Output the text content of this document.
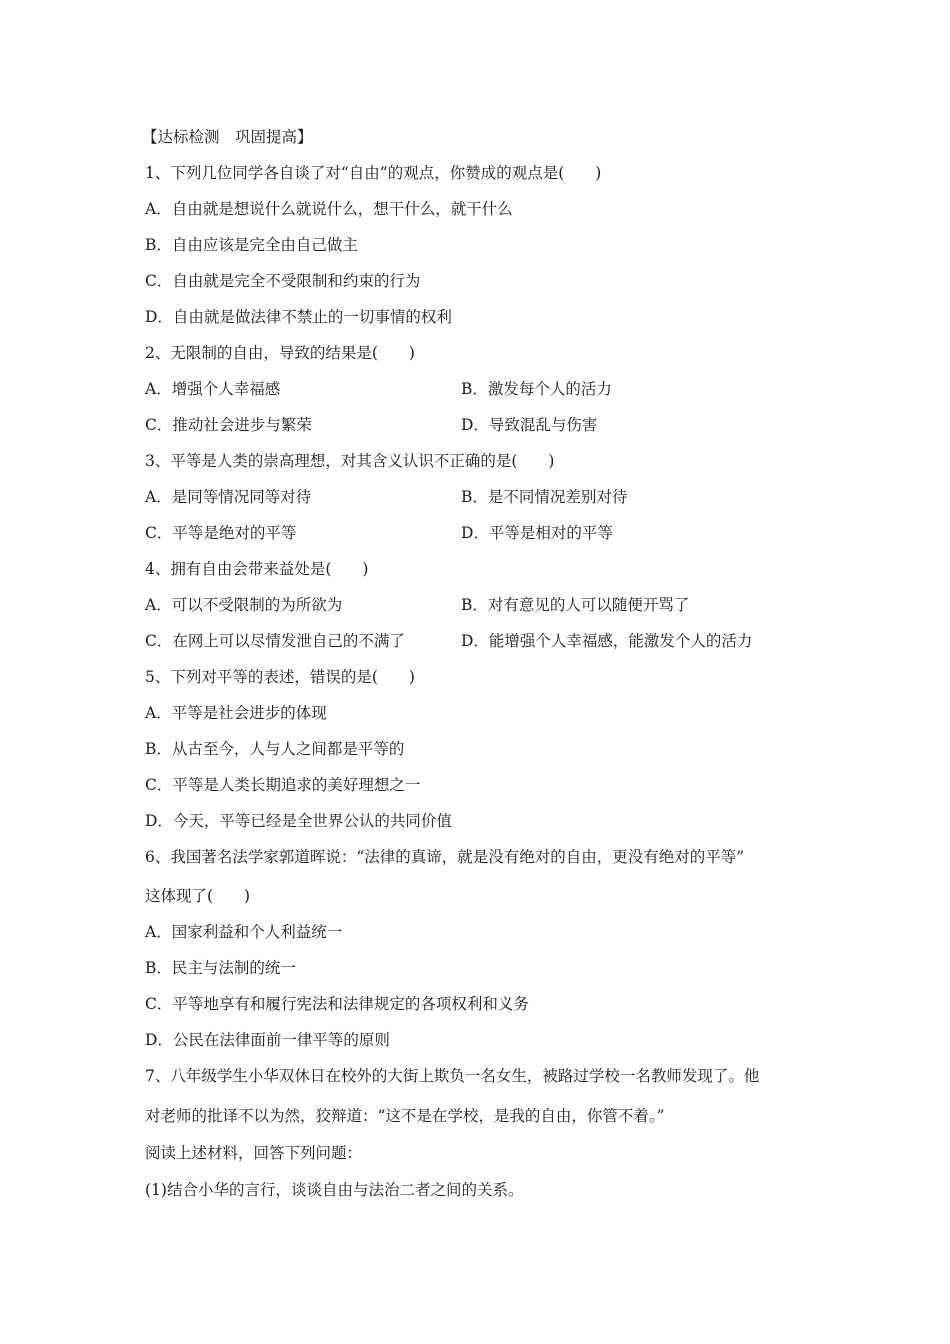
【达标检测　巩固提高】
1、下列几位同学各自谈了对“自由”的观点，你赞成的观点是(　　)
A．自由就是想说什么就说什么，想干什么，就干什么
B．自由应该是完全由自己做主
C．自由就是完全不受限制和约束的行为
D．自由就是做法律不禁止的一切事情的权利
2、无限制的自由，导致的结果是(　　)
A．增强个人幸福感	B．激发每个人的活力
C．推动社会进步与繁荣	D．导致混乱与伤害
3、平等是人类的崇高理想，对其含义认识不正确的是(　　)
A．是同等情况同等对待	B．是不同情况差别对待
C．平等是绝对的平等	D．平等是相对的平等
4、拥有自由会带来益处是(　　)
A．可以不受限制的为所欲为	B．对有意见的人可以随便开骂了
C．在网上可以尽情发泄自己的不满了	D．能增强个人幸福感，能激发个人的活力
5、下列对平等的表述，错误的是(　　)
A．平等是社会进步的体现
B．从古至今，人与人之间都是平等的
C．平等是人类长期追求的美好理想之一
D．今天，平等已经是全世界公认的共同价值
6、我国著名法学家郭道晖说：“法律的真谛，就是没有绝对的自由，更没有绝对的平等”
这体现了(　　)
A．国家利益和个人利益统一
B．民主与法制的统一
C．平等地享有和履行宪法和法律规定的各项权利和义务
D．公民在法律面前一律平等的原则
7、八年级学生小华双休日在校外的大街上欺负一名女生，被路过学校一名教师发现了。他
对老师的批译不以为然，狡辩道：“这不是在学校，是我的自由，你管不着。”
阅读上述材料，回答下列问题：
(1)结合小华的言行，谈谈自由与法治二者之间的关系。
